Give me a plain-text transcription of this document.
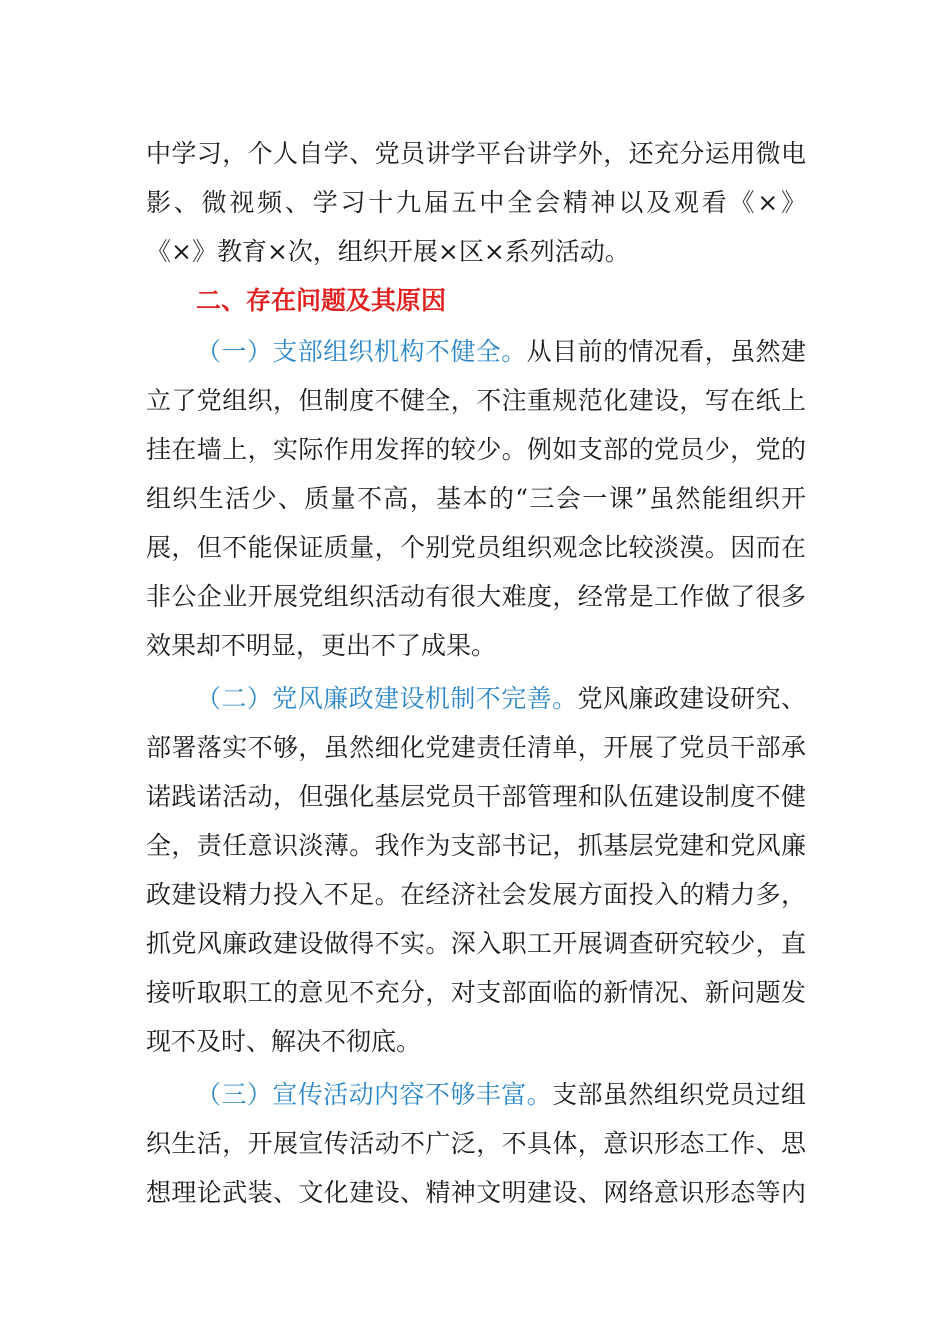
中学习，个人自学、党员讲学平台讲学外，还充分运用微电
影、微视频、学习十九届五中全会精神以及观看《×》
《×》教育×次，组织开展×区×系列活动。
二、存在问题及其原因
（一）支部组织机构不健全。从目前的情况看，虽然建
立了党组织，但制度不健全，不注重规范化建设，写在纸上
挂在墙上，实际作用发挥的较少。例如支部的党员少，党的
组织生活少、质量不高，基本的“三会一课”虽然能组织开
展，但不能保证质量，个别党员组织观念比较淡漠。因而在
非公企业开展党组织活动有很大难度，经常是工作做了很多
效果却不明显，更出不了成果。
（二）党风廉政建设机制不完善。党风廉政建设研究、
部署落实不够，虽然细化党建责任清单，开展了党员干部承
诺践诺活动，但强化基层党员干部管理和队伍建设制度不健
全，责任意识淡薄。我作为支部书记，抓基层党建和党风廉
政建设精力投入不足。在经济社会发展方面投入的精力多，
抓党风廉政建设做得不实。深入职工开展调查研究较少，直
接听取职工的意见不充分，对支部面临的新情况、新问题发
现不及时、解决不彻底。
（三）宣传活动内容不够丰富。支部虽然组织党员过组
织生活，开展宣传活动不广泛，不具体，意识形态工作、思
想理论武装、文化建设、精神文明建设、网络意识形态等内
